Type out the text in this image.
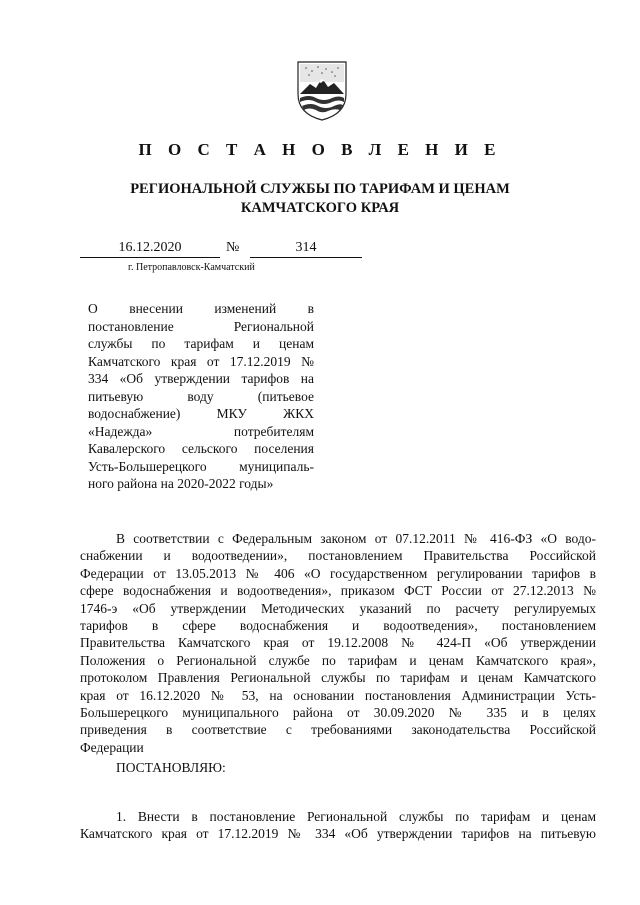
П О С Т А Н О В Л Е Н И Е
РЕГИОНАЛЬНОЙ СЛУЖБЫ ПО ТАРИФАМ И ЦЕНАМ
КАМЧАТСКОГО КРАЯ
16.12.2020	№	314
г. Петропавловск-Камчатский
О внесении изменений в
постановление Региональной
службы по тарифам и ценам
Камчатского края от 17.12.2019 №
334 «Об утверждении тарифов на
питьевую воду (питьевое
водоснабжение) МКУ ЖКХ
«Надежда» потребителям
Кавалерского сельского поселения
Усть-Большерецкого муниципаль-
ного района на 2020-2022 годы»
В соответствии с Федеральным законом от 07.12.2011 № 416-ФЗ «О водо-
снабжении и водоотведении», постановлением Правительства Российской
Федерации от 13.05.2013 № 406 «О государственном регулировании тарифов в
сфере водоснабжения и водоотведения», приказом ФСТ России от 27.12.2013 №
1746-э «Об утверждении Методических указаний по расчету регулируемых
тарифов в сфере водоснабжения и водоотведения», постановлением
Правительства Камчатского края от 19.12.2008 № 424-П «Об утверждении
Положения о Региональной службе по тарифам и ценам Камчатского края»,
протоколом Правления Региональной службы по тарифам и ценам Камчатского
края от 16.12.2020 № 53, на основании постановления Администрации Усть-
Большерецкого муниципального района от 30.09.2020 № 335 и в целях
приведения в соответствие с требованиями законодательства Российской
Федерации
ПОСТАНОВЛЯЮ:
1. Внести в постановление Региональной службы по тарифам и ценам
Камчатского края от 17.12.2019 № 334 «Об утверждении тарифов на питьевую
